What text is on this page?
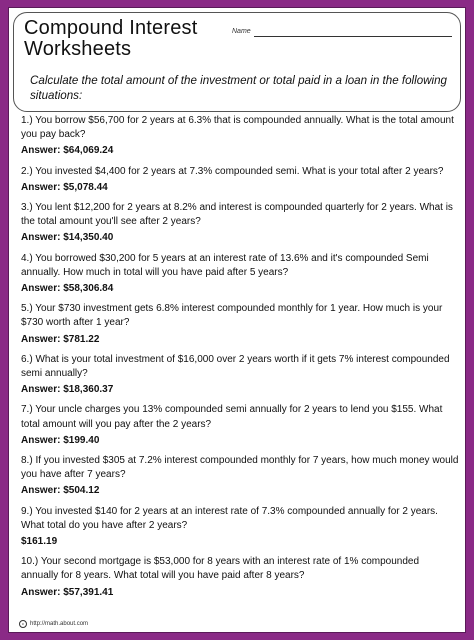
Compound Interest
Worksheets
Name
Calculate the total amount of the investment or total paid in a loan in the following situations:
1.) You borrow $56,700 for 2 years at 6.3% that is compounded annually. What is the total amount you pay back?
Answer: $64,069.24
2.) You invested $4,400 for 2 years at 7.3% compounded semi. What is your total after 2 years?
Answer: $5,078.44
3.) You lent $12,200 for 2 years at 8.2% and interest is compounded quarterly for 2 years. What is the total amount you'll see after 2 years?
Answer: $14,350.40
4.) You borrowed $30,200 for 5 years at an interest rate of 13.6% and it's compounded Semi annually. How much in total will you have paid after 5 years?
Answer: $58,306.84
5.) Your $730 investment gets 6.8% interest compounded monthly for 1 year. How much is your $730 worth after 1 year?
Answer: $781.22
6.) What is your total investment of $16,000 over 2 years worth if it gets 7% interest compounded semi annually?
Answer: $18,360.37
7.) Your uncle charges you 13% compounded semi annually for 2 years to lend you $155. What total amount will you pay after the 2 years?
Answer: $199.40
8.) If you invested $305 at 7.2% interest compounded monthly for 7 years, how much money would you have after 7 years?
Answer: $504.12
9.) You invested $140 for 2 years at an interest rate of 7.3% compounded annually for 2 years. What total do you have after 2 years?
$161.19
10.) Your second mortgage is $53,000 for 8 years with an interest rate of 1% compounded annually for 8 years. What total will you have paid after 8 years?
Answer: $57,391.41
c	http://math.about.com
